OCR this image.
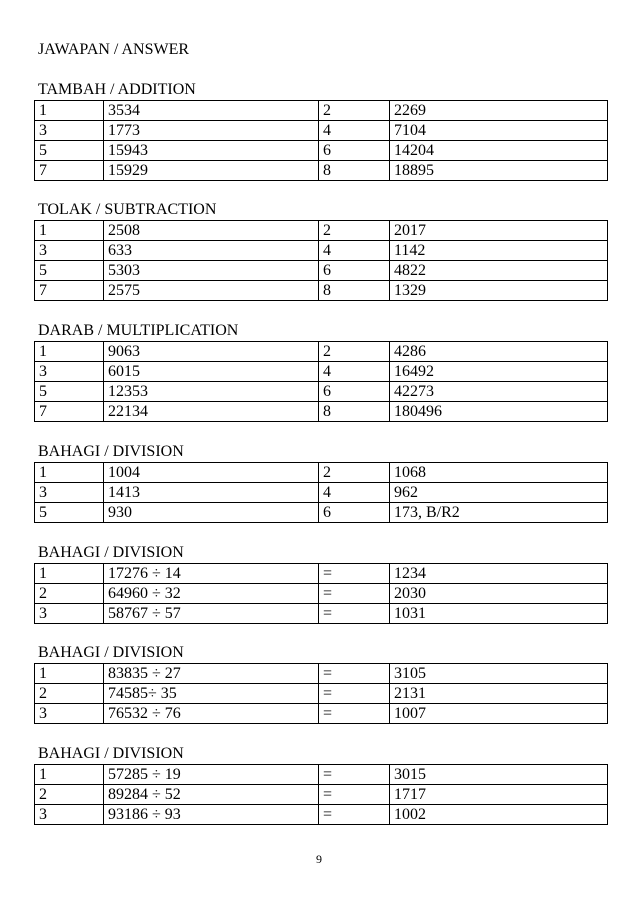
JAWAPAN / ANSWER
TAMBAH / ADDITION
1	3534	2	2269
3	1773	4	7104
5	15943	6	14204
7	15929	8	18895
TOLAK / SUBTRACTION
1	2508	2	2017
3	633	4	1142
5	5303	6	4822
7	2575	8	1329
DARAB / MULTIPLICATION
1	9063	2	4286
3	6015	4	16492
5	12353	6	42273
7	22134	8	180496
BAHAGI / DIVISION
1	1004	2	1068
3	1413	4	962
5	930	6	173, B/R2
BAHAGI / DIVISION
1	17276 ÷ 14	=	1234
2	64960 ÷ 32	=	2030
3	58767 ÷ 57	=	1031
BAHAGI / DIVISION
1	83835 ÷ 27	=	3105
2	74585÷ 35	=	2131
3	76532 ÷ 76	=	1007
BAHAGI / DIVISION
1	57285 ÷ 19	=	3015
2	89284 ÷ 52	=	1717
3	93186 ÷ 93	=	1002
9
